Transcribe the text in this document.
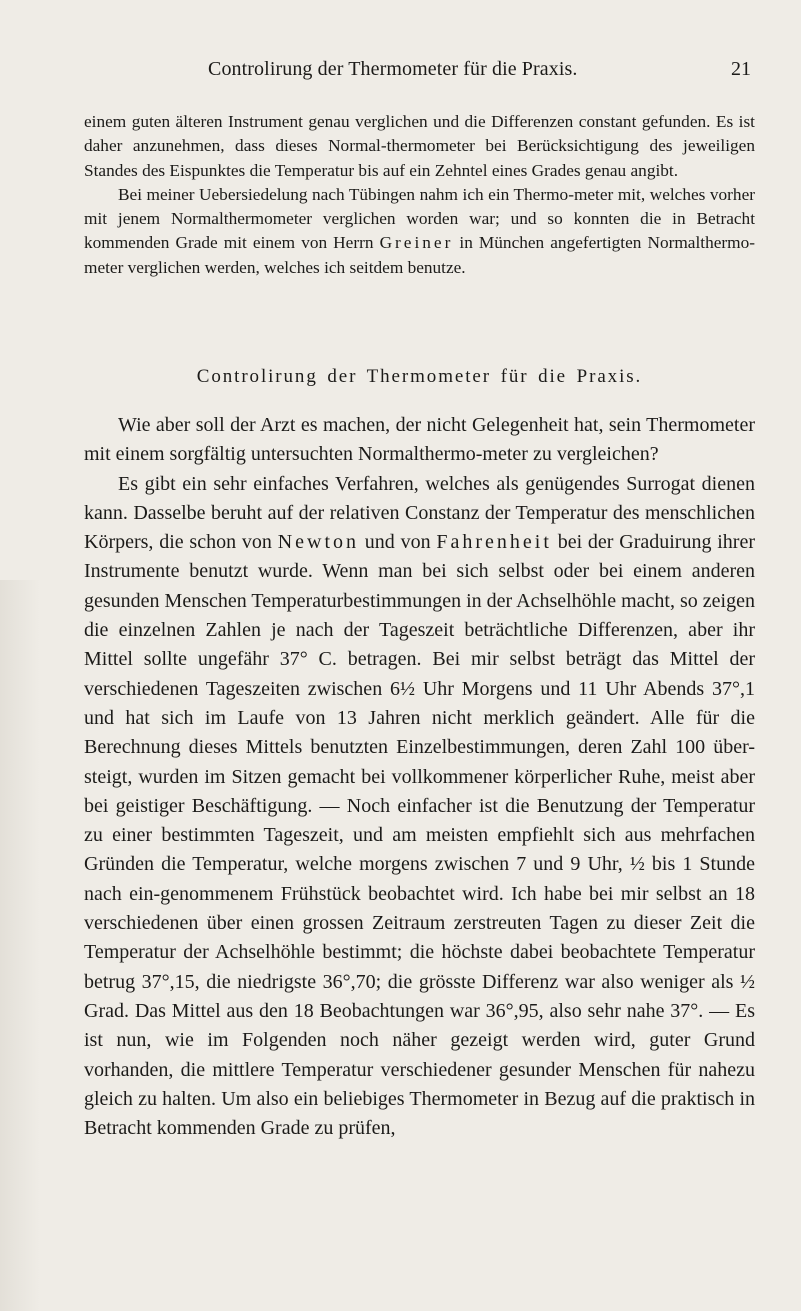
Controlirung der Thermometer für die Praxis.	21

einem guten älteren Instrument genau verglichen und die Differenzen constant gefunden. Es ist daher anzunehmen, dass dieses Normal-thermometer bei Berücksichtigung des jeweiligen Standes des Eispunktes die Temperatur bis auf ein Zehntel eines Grades genau angibt.

Bei meiner Uebersiedelung nach Tübingen nahm ich ein Thermo-meter mit, welches vorher mit jenem Normalthermometer verglichen worden war; und so konnten die in Betracht kommenden Grade mit einem von Herrn Greiner in München angefertigten Normalthermo-meter verglichen werden, welches ich seitdem benutze.

Controlirung der Thermometer für die Praxis.

Wie aber soll der Arzt es machen, der nicht Gelegenheit hat, sein Thermometer mit einem sorgfältig untersuchten Normalthermo-meter zu vergleichen?

Es gibt ein sehr einfaches Verfahren, welches als genügendes Surrogat dienen kann. Dasselbe beruht auf der relativen Constanz der Temperatur des menschlichen Körpers, die schon von Newton und von Fahrenheit bei der Graduirung ihrer Instrumente benutzt wurde. Wenn man bei sich selbst oder bei einem anderen gesunden Menschen Temperaturbestimmungen in der Achselhöhle macht, so zeigen die einzelnen Zahlen je nach der Tageszeit beträchtliche Differenzen, aber ihr Mittel sollte ungefähr 37° C. betragen. Bei mir selbst beträgt das Mittel der verschiedenen Tageszeiten zwischen 6½ Uhr Morgens und 11 Uhr Abends 37°,1 und hat sich im Laufe von 13 Jahren nicht merklich geändert. Alle für die Berechnung dieses Mittels benutzten Einzelbestimmungen, deren Zahl 100 über-steigt, wurden im Sitzen gemacht bei vollkommener körperlicher Ruhe, meist aber bei geistiger Beschäftigung. — Noch einfacher ist die Benutzung der Temperatur zu einer bestimmten Tageszeit, und am meisten empfiehlt sich aus mehrfachen Gründen die Temperatur, welche morgens zwischen 7 und 9 Uhr, ½ bis 1 Stunde nach ein-genommenem Frühstück beobachtet wird. Ich habe bei mir selbst an 18 verschiedenen über einen grossen Zeitraum zerstreuten Tagen zu dieser Zeit die Temperatur der Achselhöhle bestimmt; die höchste dabei beobachtete Temperatur betrug 37°,15, die niedrigste 36°,70; die grösste Differenz war also weniger als ½ Grad. Das Mittel aus den 18 Beobachtungen war 36°,95, also sehr nahe 37°. — Es ist nun, wie im Folgenden noch näher gezeigt werden wird, guter Grund vorhanden, die mittlere Temperatur verschiedener gesunder Menschen für nahezu gleich zu halten. Um also ein beliebiges Thermometer in Bezug auf die praktisch in Betracht kommenden Grade zu prüfen,
